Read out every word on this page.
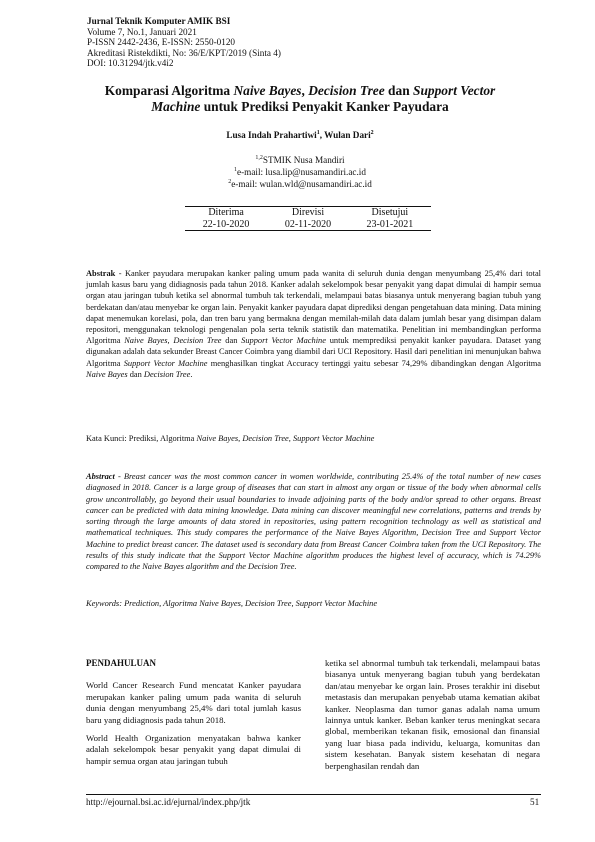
Jurnal Teknik Komputer AMIK BSI
Volume 7, No.1, Januari 2021
P-ISSN 2442-2436, E-ISSN: 2550-0120
Akreditasi Ristekdikti, No: 36/E/KPT/2019 (Sinta 4)
DOI: 10.31294/jtk.v4i2
Komparasi Algoritma Naive Bayes, Decision Tree dan Support Vector Machine untuk Prediksi Penyakit Kanker Payudara
Lusa Indah Prahartiwi$^1$, Wulan Dari$^2$
$^{1,2}$STMIK Nusa Mandiri
$^1$e-mail: lusa.lip@nusamandiri.ac.id
$^2$e-mail: wulan.wld@nusamandiri.ac.id
Diterima	Direvisi	Disetujui
22-10-2020	02-11-2020	23-01-2021
Abstrak - Kanker payudara merupakan kanker paling umum pada wanita di seluruh dunia dengan menyumbang 25,4% dari total jumlah kasus baru yang didiagnosis pada tahun 2018. Kanker adalah sekelompok besar penyakit yang dapat dimulai di hampir semua organ atau jaringan tubuh ketika sel abnormal tumbuh tak terkendali, melampaui batas biasanya untuk menyerang bagian tubuh yang berdekatan dan/atau menyebar ke organ lain. Penyakit kanker payudara dapat diprediksi dengan pengetahuan data mining. Data mining dapat menemukan korelasi, pola, dan tren baru yang bermakna dengan memilah-milah data dalam jumlah besar yang disimpan dalam repositori, menggunakan teknologi pengenalan pola serta teknik statistik dan matematika. Penelitian ini membandingkan performa Algoritma Naive Bayes, Decision Tree dan Support Vector Machine untuk memprediksi penyakit kanker payudara. Dataset yang digunakan adalah data sekunder Breast Cancer Coimbra yang diambil dari UCI Repository. Hasil dari penelitian ini menunjukan bahwa Algoritma Support Vector Machine menghasilkan tingkat Accuracy tertinggi yaitu sebesar 74,29% dibandingkan dengan Algoritma Naive Bayes dan Decision Tree.
Kata Kunci: Prediksi, Algoritma Naive Bayes, Decision Tree, Support Vector Machine
Abstract - Breast cancer was the most common cancer in women worldwide, contributing 25.4% of the total number of new cases diagnosed in 2018. Cancer is a large group of diseases that can start in almost any organ or tissue of the body when abnormal cells grow uncontrollably, go beyond their usual boundaries to invade adjoining parts of the body and/or spread to other organs. Breast cancer can be predicted with data mining knowledge. Data mining can discover meaningful new correlations, patterns and trends by sorting through the large amounts of data stored in repositories, using pattern recognition technology as well as statistical and mathematical techniques. This study compares the performance of the Naive Bayes Algorithm, Decision Tree and Support Vector Machine to predict breast cancer. The dataset used is secondary data from Breast Cancer Coimbra taken from the UCI Repository. The results of this study indicate that the Support Vector Machine algorithm produces the highest level of accuracy, which is 74.29% compared to the Naive Bayes algorithm and the Decision Tree.
Keywords: Prediction, Algoritma Naive Bayes, Decision Tree, Support Vector Machine

PENDAHULUAN

World Cancer Research Fund mencatat Kanker payudara merupakan kanker paling umum pada wanita di seluruh dunia dengan menyumbang 25,4% dari total jumlah kasus baru yang didiagnosis pada tahun 2018.

World Health Organization menyatakan bahwa kanker adalah sekelompok besar penyakit yang dapat dimulai di hampir semua organ atau jaringan tubuh

ketika sel abnormal tumbuh tak terkendali, melampaui batas biasanya untuk menyerang bagian tubuh yang berdekatan dan/atau menyebar ke organ lain. Proses terakhir ini disebut metastasis dan merupakan penyebab utama kematian akibat kanker. Neoplasma dan tumor ganas adalah nama umum lainnya untuk kanker. Beban kanker terus meningkat secara global, memberikan tekanan fisik, emosional dan finansial yang luar biasa pada individu, keluarga, komunitas dan sistem kesehatan. Banyak sistem kesehatan di negara berpenghasilan rendah dan

http://ejournal.bsi.ac.id/ejurnal/index.php/jtk	51
